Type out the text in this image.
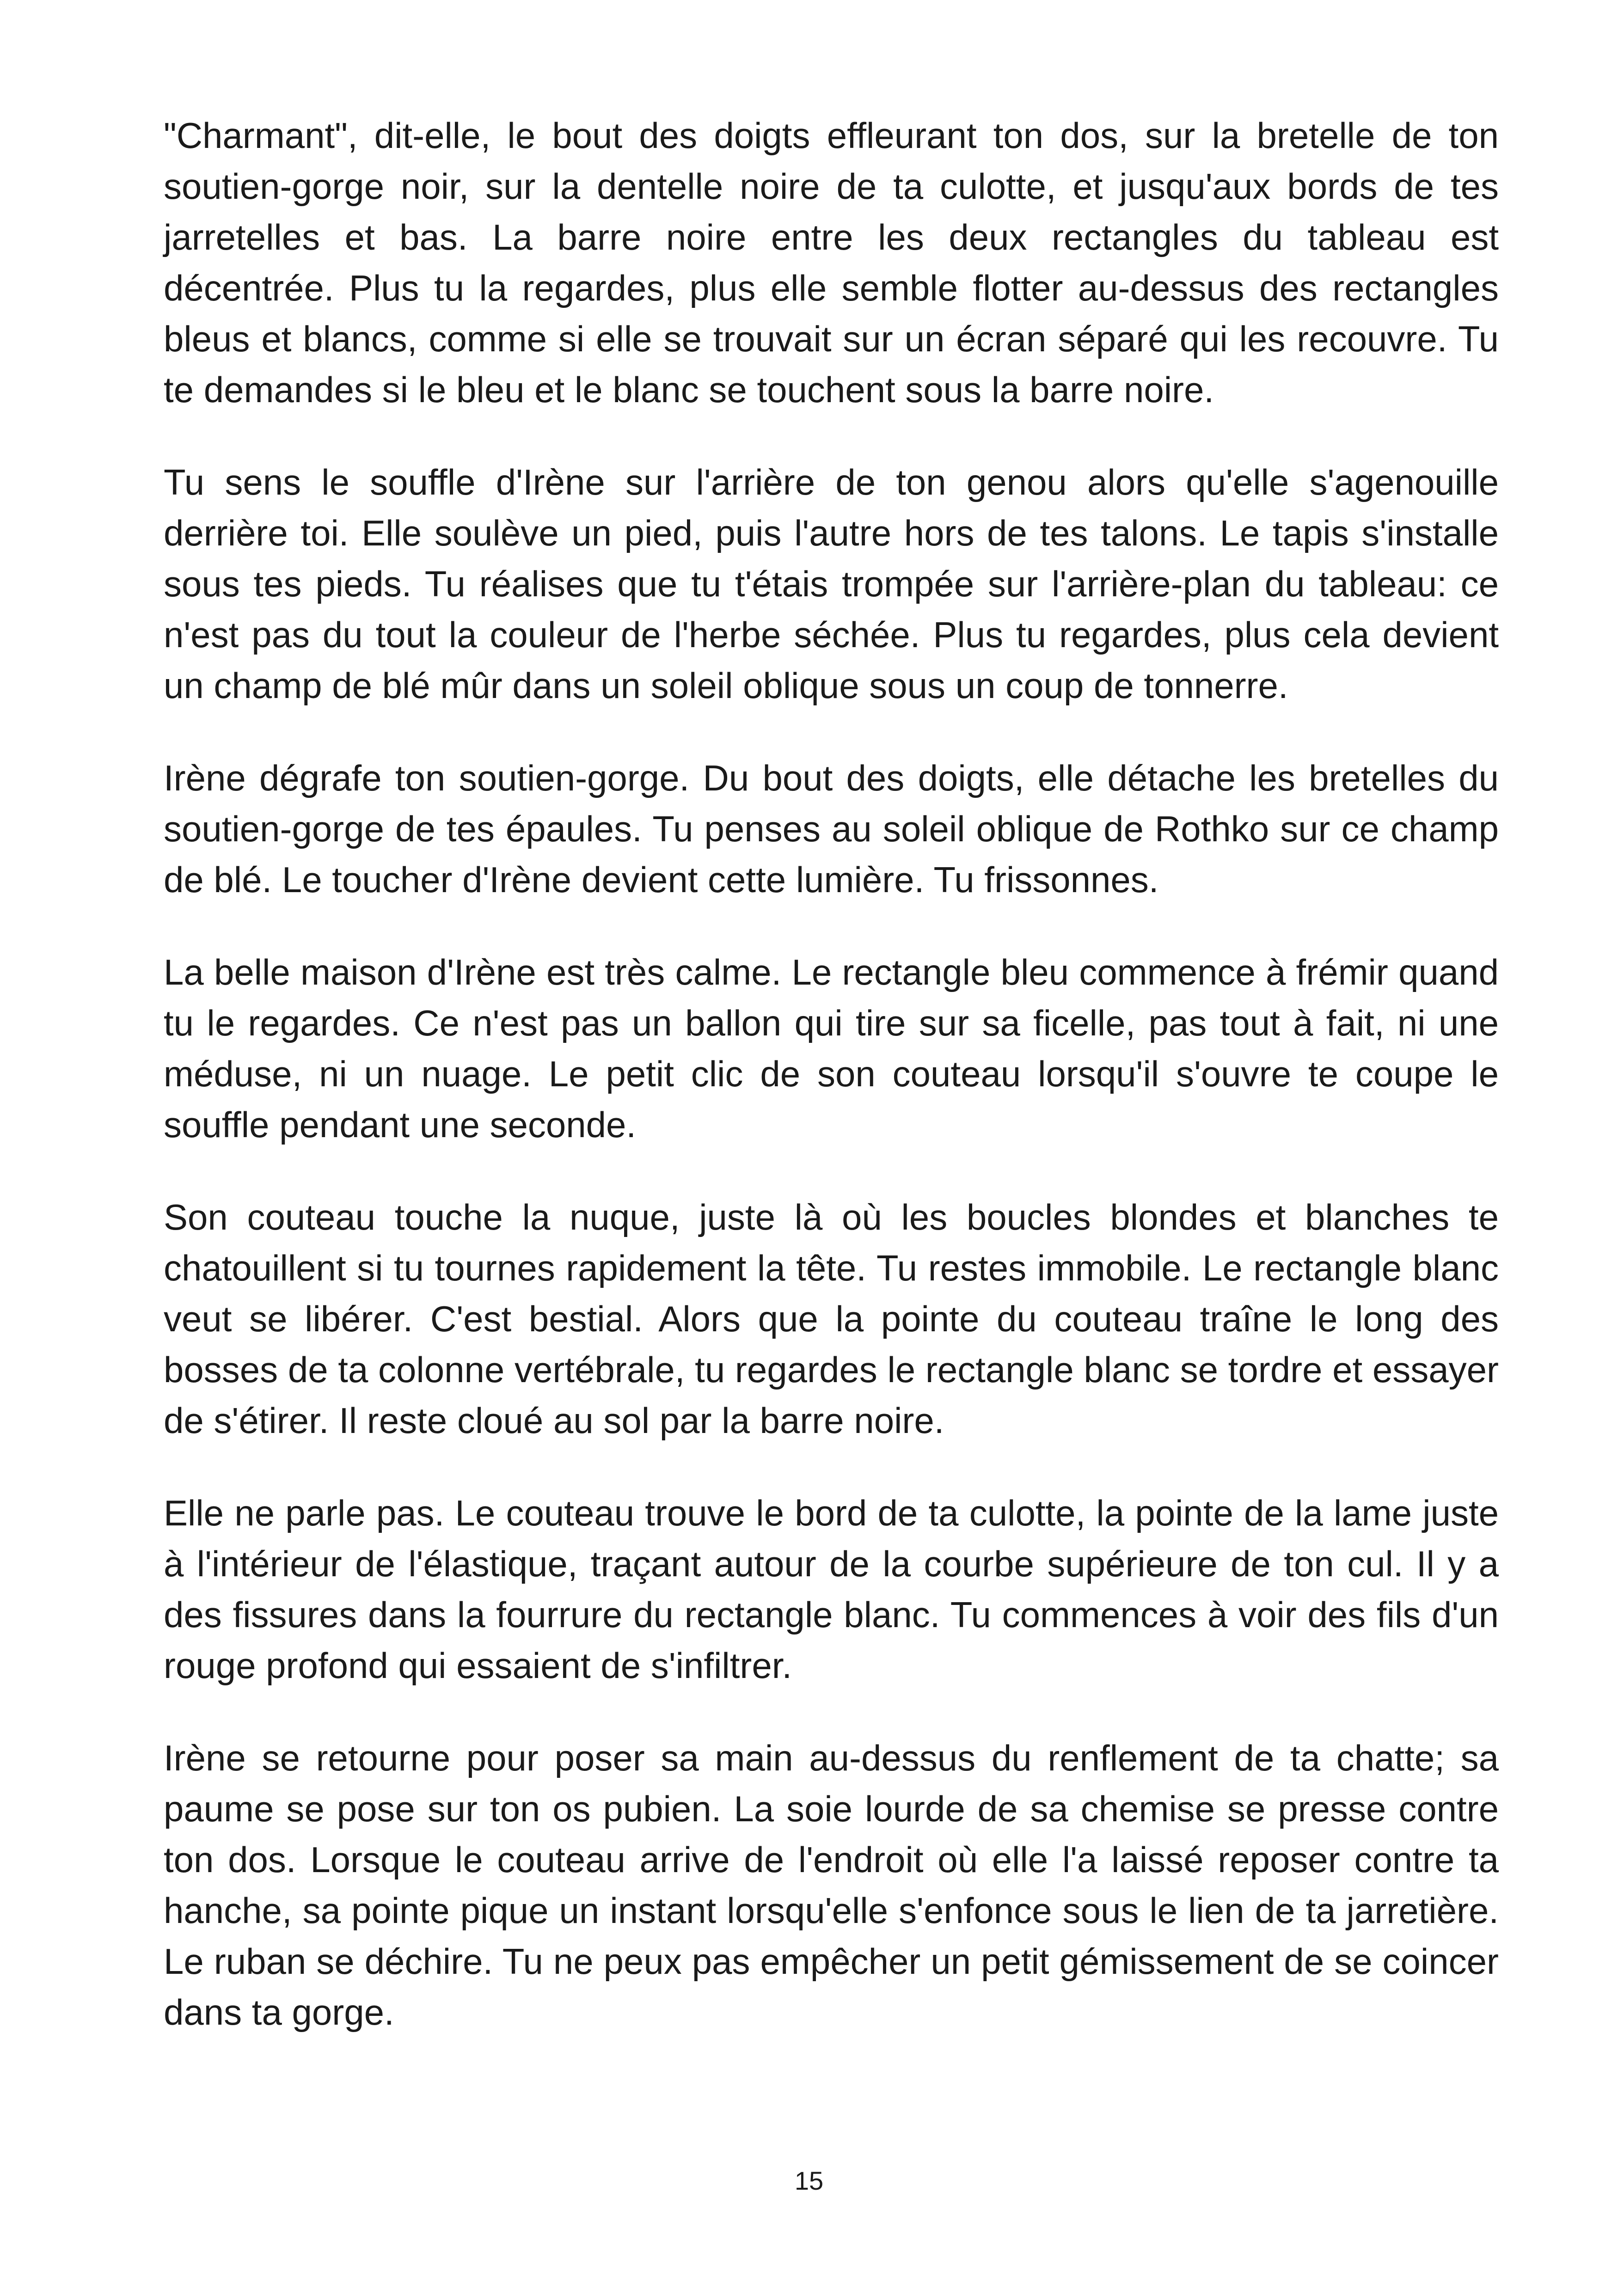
"Charmant", dit-elle, le bout des doigts effleurant ton dos, sur la bretelle de ton soutien-gorge noir, sur la dentelle noire de ta culotte, et jusqu'aux bords de tes jarretelles et bas. La barre noire entre les deux rectangles du tableau est décentrée. Plus tu la regardes, plus elle semble flotter au-dessus des rectangles bleus et blancs, comme si elle se trouvait sur un écran séparé qui les recouvre. Tu te demandes si le bleu et le blanc se touchent sous la barre noire.

Tu sens le souffle d'Irène sur l'arrière de ton genou alors qu'elle s'agenouille derrière toi. Elle soulève un pied, puis l'autre hors de tes talons. Le tapis s'installe sous tes pieds. Tu réalises que tu t'étais trompée sur l'arrière-plan du tableau: ce n'est pas du tout la couleur de l'herbe séchée. Plus tu regardes, plus cela devient un champ de blé mûr dans un soleil oblique sous un coup de tonnerre.

Irène dégrafe ton soutien-gorge. Du bout des doigts, elle détache les bretelles du soutien-gorge de tes épaules. Tu penses au soleil oblique de Rothko sur ce champ de blé. Le toucher d'Irène devient cette lumière. Tu frissonnes.

La belle maison d'Irène est très calme. Le rectangle bleu commence à frémir quand tu le regardes. Ce n'est pas un ballon qui tire sur sa ficelle, pas tout à fait, ni une méduse, ni un nuage. Le petit clic de son couteau lorsqu'il s'ouvre te coupe le souffle pendant une seconde.

Son couteau touche la nuque, juste là où les boucles blondes et blanches te chatouillent si tu tournes rapidement la tête. Tu restes immobile. Le rectangle blanc veut se libérer. C'est bestial. Alors que la pointe du couteau traîne le long des bosses de ta colonne vertébrale, tu regardes le rectangle blanc se tordre et essayer de s'étirer. Il reste cloué au sol par la barre noire.

Elle ne parle pas. Le couteau trouve le bord de ta culotte, la pointe de la lame juste à l'intérieur de l'élastique, traçant autour de la courbe supérieure de ton cul. Il y a des fissures dans la fourrure du rectangle blanc. Tu commences à voir des fils d'un rouge profond qui essaient de s'infiltrer.

Irène se retourne pour poser sa main au-dessus du renflement de ta chatte; sa paume se pose sur ton os pubien. La soie lourde de sa chemise se presse contre ton dos. Lorsque le couteau arrive de l'endroit où elle l'a laissé reposer contre ta hanche, sa pointe pique un instant lorsqu'elle s'enfonce sous le lien de ta jarretière. Le ruban se déchire. Tu ne peux pas empêcher un petit gémissement de se coincer dans ta gorge.

15
